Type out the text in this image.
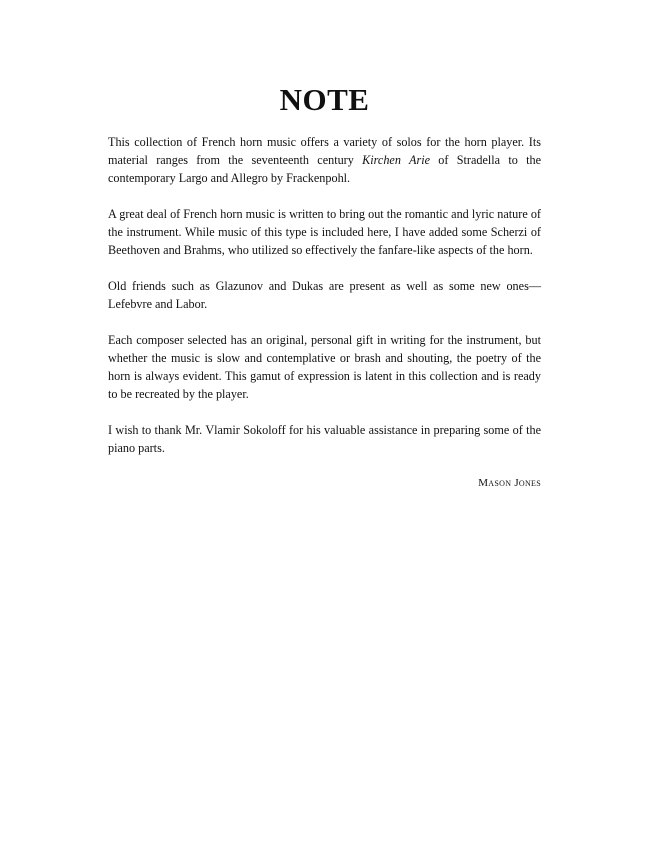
NOTE

This collection of French horn music offers a variety of solos for the horn player. Its material ranges from the seventeenth century Kirchen Arie of Stradella to the contemporary Largo and Allegro by Frackenpohl.

A great deal of French horn music is written to bring out the romantic and lyric nature of the instrument. While music of this type is included here, I have added some Scherzi of Beethoven and Brahms, who utilized so effectively the fanfare-like aspects of the horn.

Old friends such as Glazunov and Dukas are present as well as some new ones—Lefebvre and Labor.

Each composer selected has an original, personal gift in writing for the instrument, but whether the music is slow and contemplative or brash and shouting, the poetry of the horn is always evident. This gamut of expression is latent in this collection and is ready to be recreated by the player.

I wish to thank Mr. Vlamir Sokoloff for his valuable assistance in preparing some of the piano parts.

Mason Jones
